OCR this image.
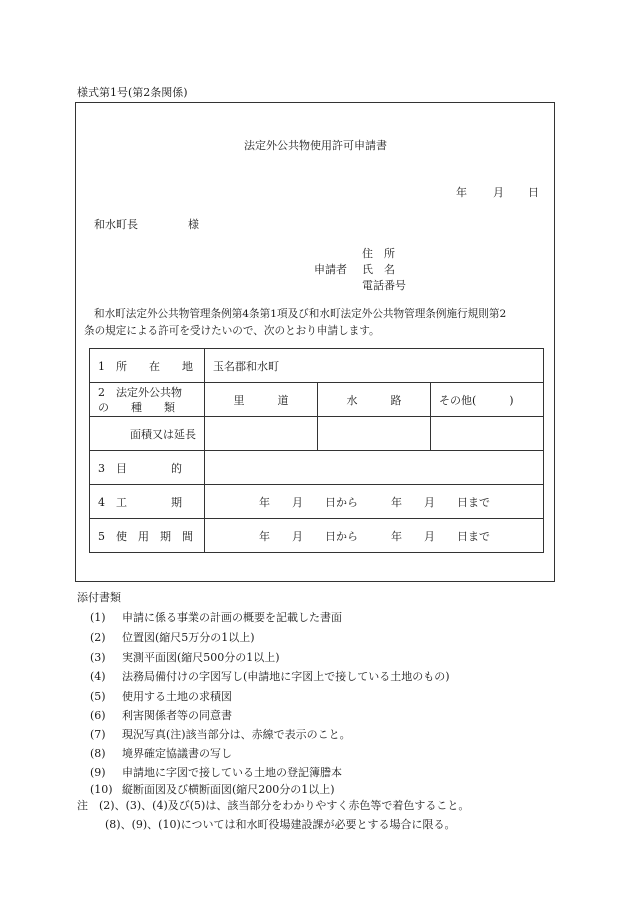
様式第1号(第2条関係)
法定外公共物使用許可申請書
年 月 日
和水町長	様
住　所
申請者 氏　名
電話番号
和水町法定外公共物管理条例第4条第1項及び和水町法定外公共物管理条例施行規則第2
条の規定による許可を受けたいので、次のとおり申請します。
1　所　　在　　地	玉名郡和水町		

2　法定外公共物
の　　種　　類	里　　　道	水　　　路	その他(　　　)
面積又は延長			
3　目　　　　的			
4　工　　　　期	年　　月　　日から　　　年　　月　　日まで		
5　使　用　期　間	年　　月　　日から　　　年　　月　　日まで		
添付書類
(1) 申請に係る事業の計画の概要を記載した書面
(2) 位置図(縮尺5万分の1以上)
(3) 実測平面図(縮尺500分の1以上)
(4) 法務局備付けの字図写し(申請地に字図上で接している土地のもの)
(5) 使用する土地の求積図
(6) 利害関係者等の同意書
(7) 現況写真(注)該当部分は、赤線で表示のこと。
(8) 境界確定協議書の写し
(9) 申請地に字図で接している土地の登記簿謄本
(10) 縦断面図及び横断面図(縮尺200分の1以上)
注　(2)、(3)、(4)及び(5)は、該当部分をわかりやすく赤色等で着色すること。
(8)、(9)、(10)については和水町役場建設課が必要とする場合に限る。
